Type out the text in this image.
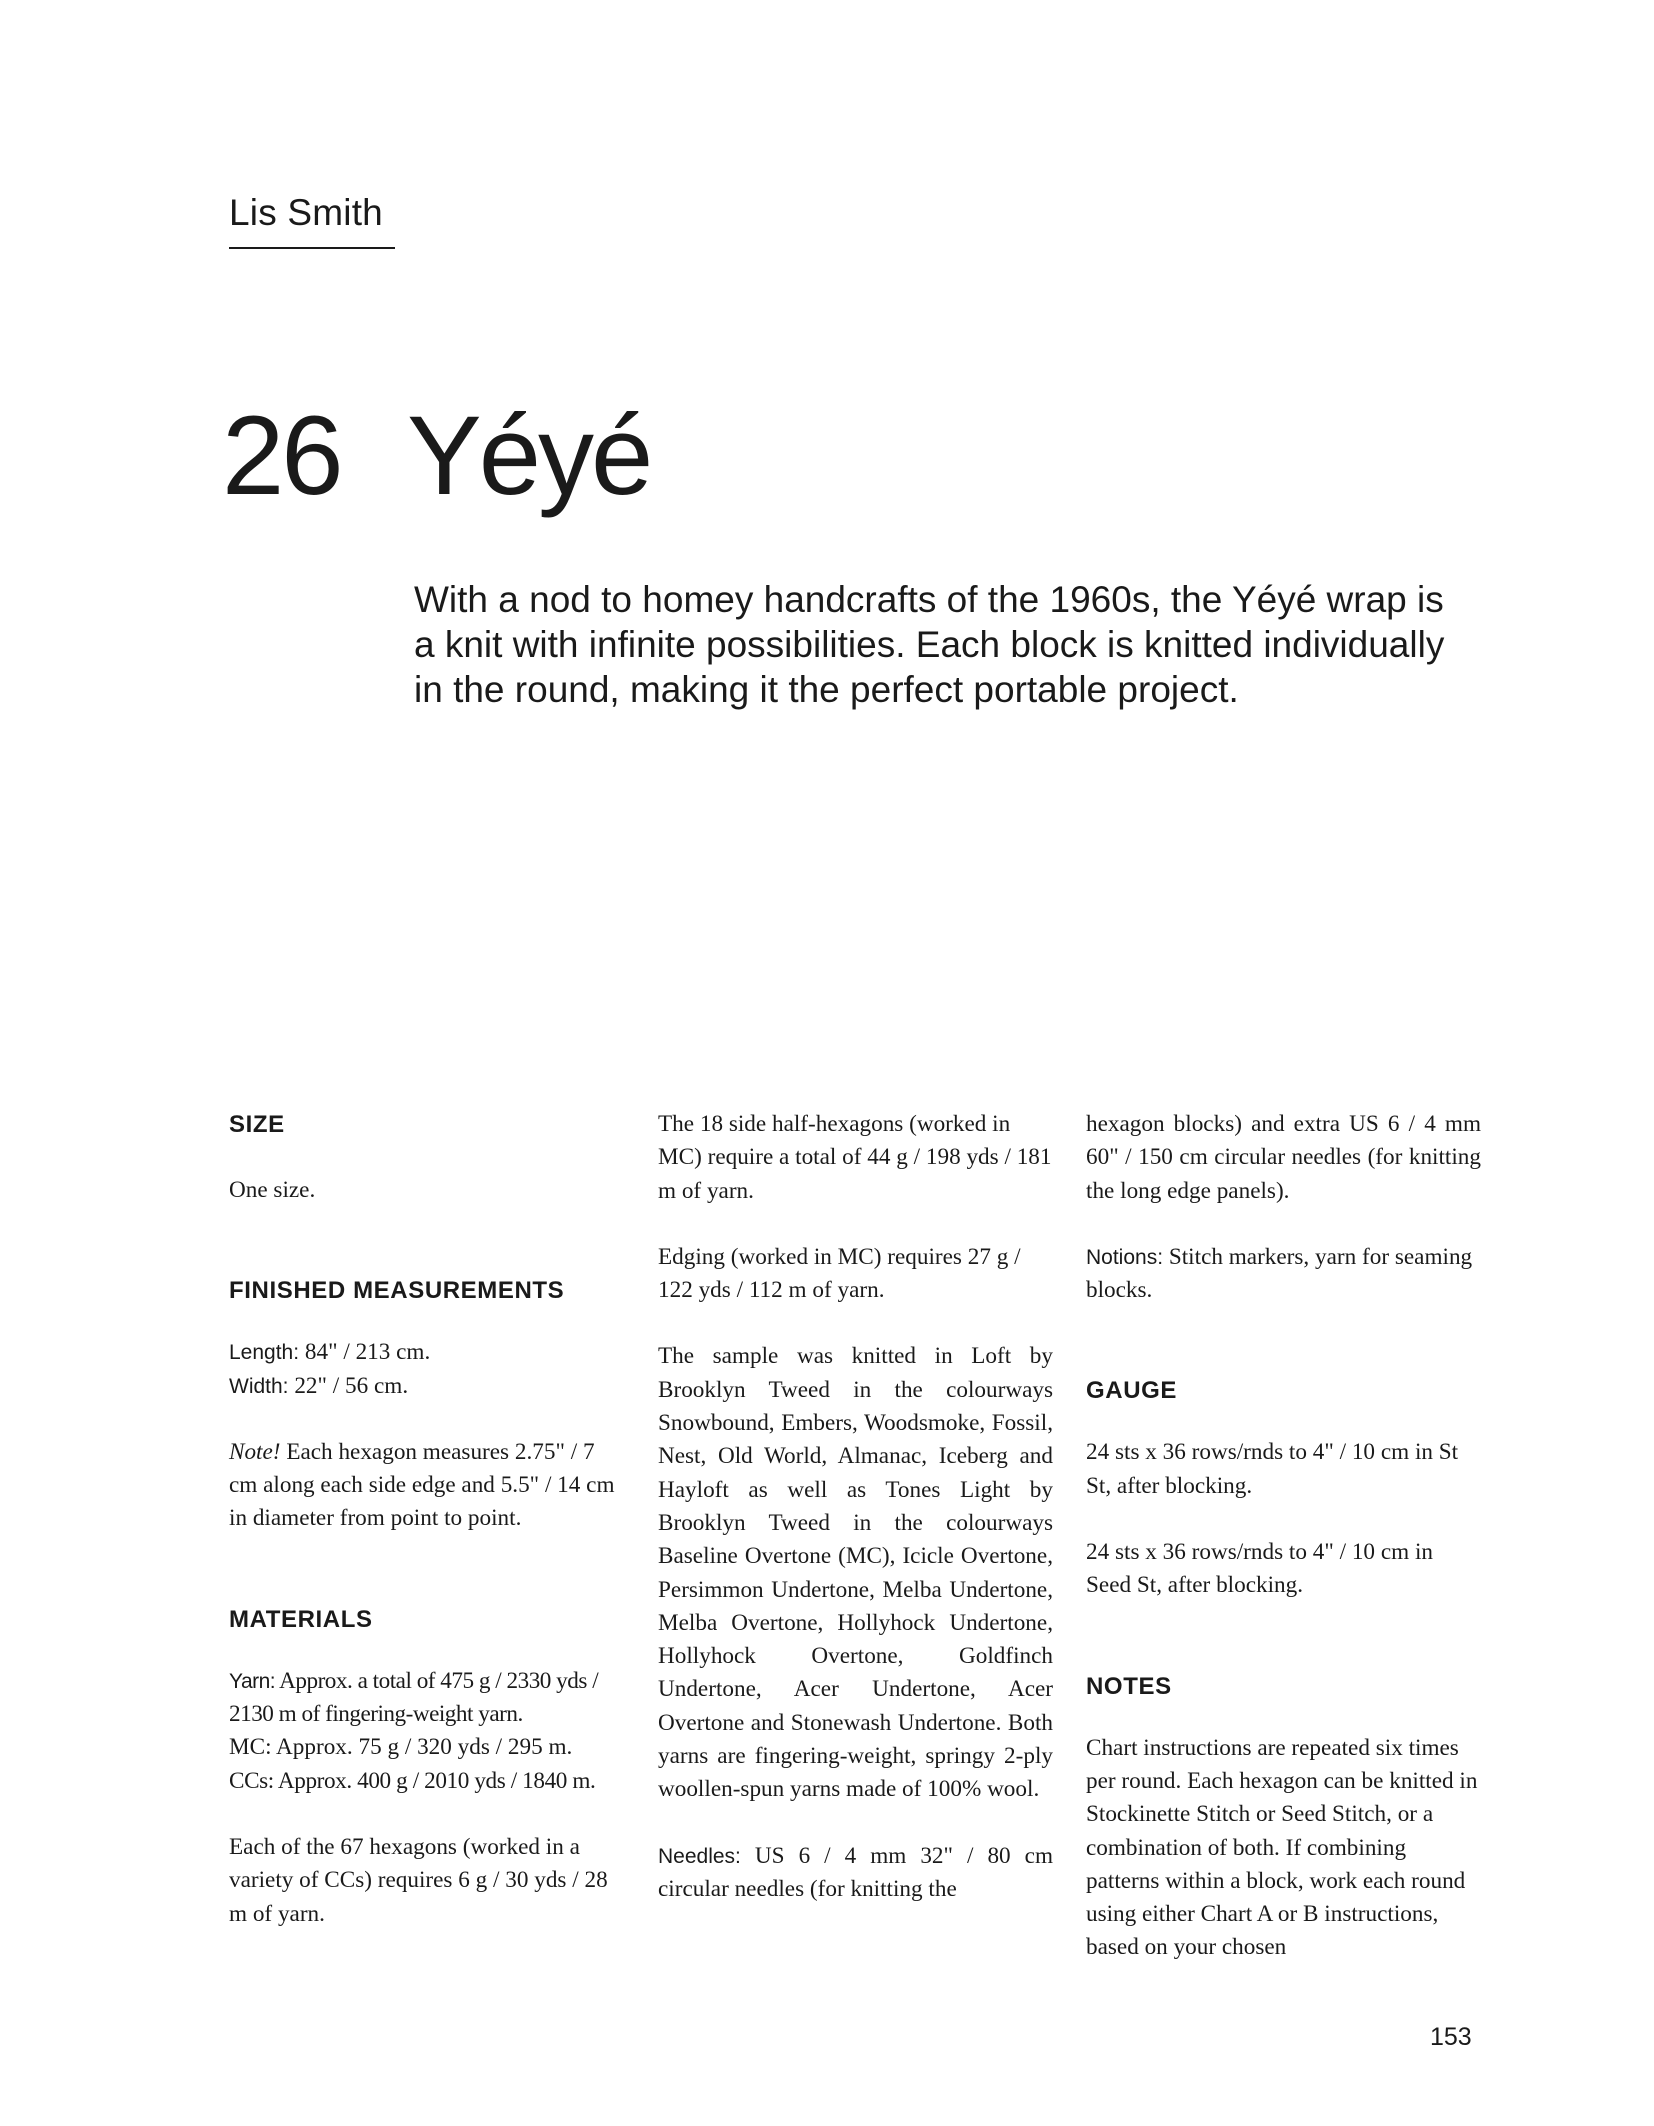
Lis Smith
26 Yéyé

With a nod to homey handcrafts of the 1960s, the Yéyé wrap is a knit with infinite possibilities. Each block is knitted individually in the round, making it the perfect portable project.

SIZE

One size.

FINISHED MEASUREMENTS

Length: 84" / 213 cm.

Width: 22" / 56 cm.

Note! Each hexagon measures 2.75" / 7 cm along each side edge and 5.5" / 14 cm in diameter from point to point.

MATERIALS

Yarn: Approx. a total of 475 g / 2330 yds / 2130 m of fingering-weight yarn.

MC: Approx. 75 g / 320 yds / 295 m.

CCs: Approx. 400 g / 2010 yds / 1840 m.

Each of the 67 hexagons (worked in a variety of CCs) requires 6 g / 30 yds / 28 m of yarn.

The 18 side half-hexagons (worked in MC) require a total of 44 g / 198 yds / 181 m of yarn.

Edging (worked in MC) requires 27 g / 122 yds / 112 m of yarn.

The sample was knitted in Loft by Brooklyn Tweed in the colourways Snowbound, Embers, Woodsmoke, Fossil, Nest, Old World, Almanac, Iceberg and Hayloft as well as Tones Light by Brooklyn Tweed in the colourways Baseline Overtone (MC), Icicle Overtone, Persimmon Undertone, Melba Undertone, Melba Overtone, Hollyhock Undertone, Hollyhock Overtone, Goldfinch Undertone, Acer Undertone, Acer Overtone and Stonewash Undertone. Both yarns are fingering-weight, springy 2-ply woollen-spun yarns made of 100% wool.

Needles: US 6 / 4 mm 32" / 80 cm circular needles (for knitting the

hexagon blocks) and extra US 6 / 4 mm 60" / 150 cm circular needles (for knitting the long edge panels).

Notions: Stitch markers, yarn for seaming blocks.

GAUGE

24 sts x 36 rows/rnds to 4" / 10 cm in St St, after blocking.

24 sts x 36 rows/rnds to 4" / 10 cm in Seed St, after blocking.

NOTES

Chart instructions are repeated six times per round. Each hexagon can be knitted in Stockinette Stitch or Seed Stitch, or a combination of both. If combining patterns within a block, work each round using either Chart A or B instructions, based on your chosen

153
